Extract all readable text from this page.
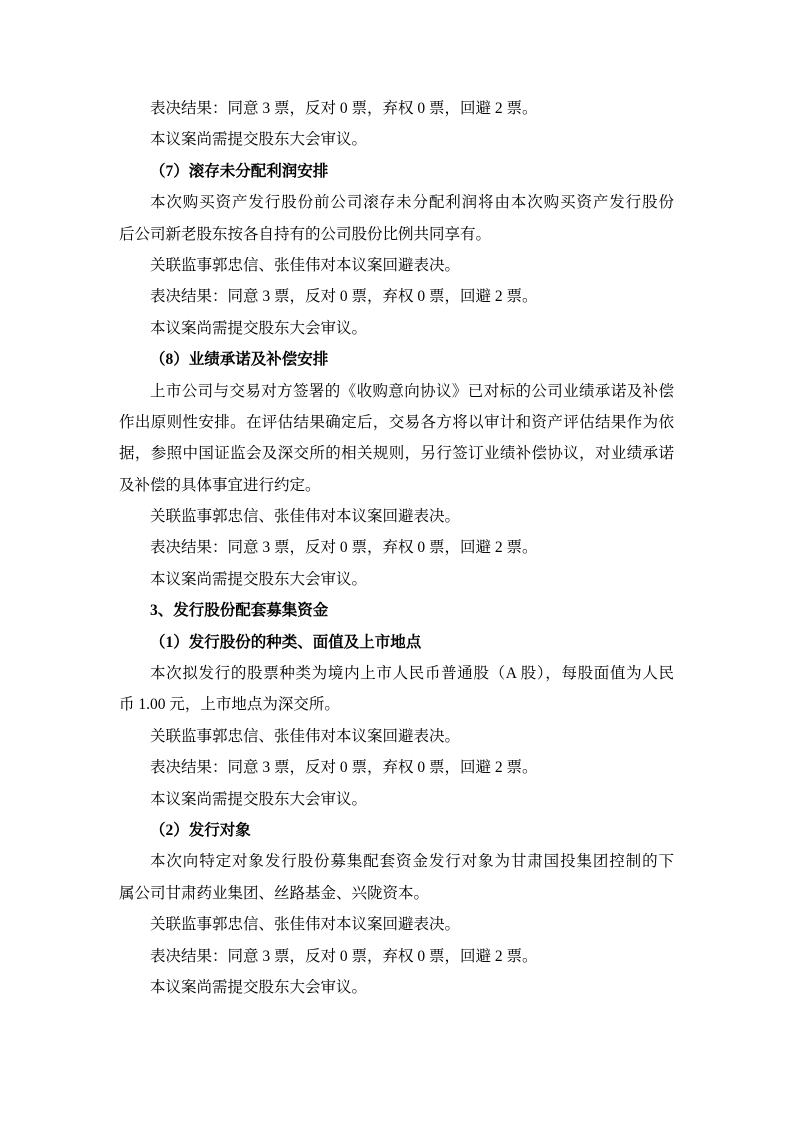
表决结果：同意 3 票，反对 0 票，弃权 0 票，回避 2 票。
本议案尚需提交股东大会审议。
（7）滚存未分配利润安排
本次购买资产发行股份前公司滚存未分配利润将由本次购买资产发行股份
后公司新老股东按各自持有的公司股份比例共同享有。
关联监事郭忠信、张佳伟对本议案回避表决。
表决结果：同意 3 票，反对 0 票，弃权 0 票，回避 2 票。
本议案尚需提交股东大会审议。
（8）业绩承诺及补偿安排
上市公司与交易对方签署的《收购意向协议》已对标的公司业绩承诺及补偿
作出原则性安排。在评估结果确定后，交易各方将以审计和资产评估结果作为依
据，参照中国证监会及深交所的相关规则，另行签订业绩补偿协议，对业绩承诺
及补偿的具体事宜进行约定。
关联监事郭忠信、张佳伟对本议案回避表决。
表决结果：同意 3 票，反对 0 票，弃权 0 票，回避 2 票。
本议案尚需提交股东大会审议。
3、发行股份配套募集资金
（1）发行股份的种类、面值及上市地点
本次拟发行的股票种类为境内上市人民币普通股（A 股），每股面值为人民
币 1.00 元，上市地点为深交所。
关联监事郭忠信、张佳伟对本议案回避表决。
表决结果：同意 3 票，反对 0 票，弃权 0 票，回避 2 票。
本议案尚需提交股东大会审议。
（2）发行对象
本次向特定对象发行股份募集配套资金发行对象为甘肃国投集团控制的下
属公司甘肃药业集团、丝路基金、兴陇资本。
关联监事郭忠信、张佳伟对本议案回避表决。
表决结果：同意 3 票，反对 0 票，弃权 0 票，回避 2 票。
本议案尚需提交股东大会审议。
